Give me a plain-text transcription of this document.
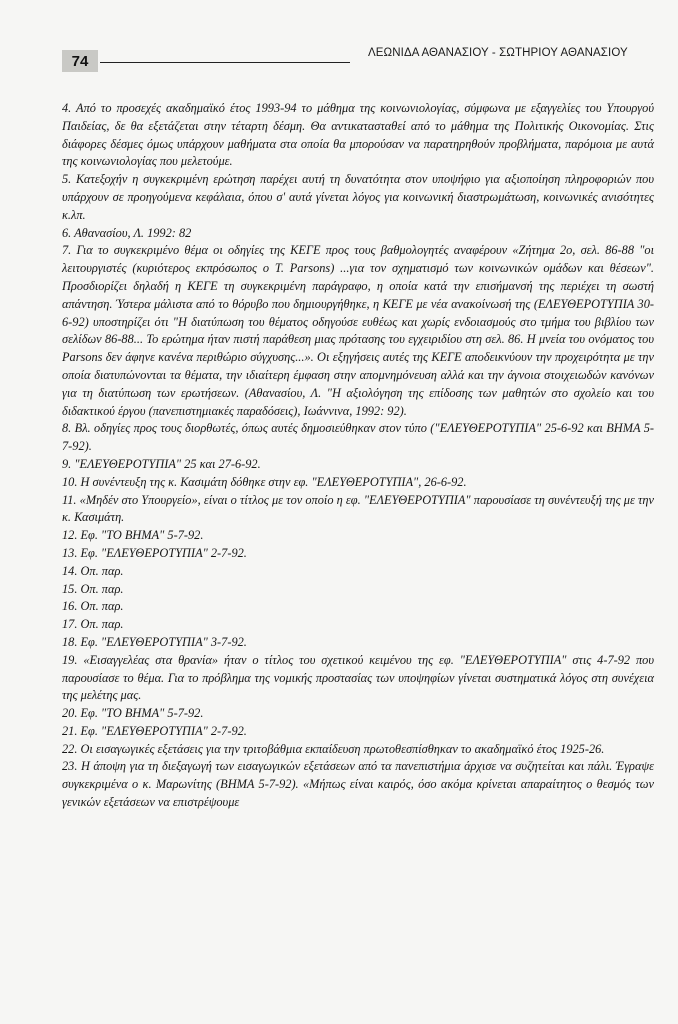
74	ΛΕΩΝΙΔΑ ΑΘΑΝΑΣΙΟΥ - ΣΩΤΗΡΙΟΥ ΑΘΑΝΑΣΙΟΥ

4. Από το προσεχές ακαδημαϊκό έτος 1993-94 το μάθημα της κοινωνιολογίας, σύμφωνα με εξαγγελίες του Υπουργού Παιδείας, δε θα εξετάζεται στην τέταρτη δέσμη. Θα αντικατασταθεί από το μάθημα της Πολιτικής Οικονομίας. Στις διάφορες δέσμες όμως υπάρχουν μαθήματα στα οποία θα μπορούσαν να παρατηρηθούν προβλήματα, παρόμοια με αυτά της κοινωνιολογίας που μελετούμε.

5. Κατεξοχήν η συγκεκριμένη ερώτηση παρέχει αυτή τη δυνατότητα στον υποψήφιο για αξιοποίηση πληροφοριών που υπάρχουν σε προηγούμενα κεφάλαια, όπου σ' αυτά γίνεται λόγος για κοινωνική διαστρωμάτωση, κοινωνικές ανισότητες κ.λπ.

6. Αθανασίου, Λ. 1992: 82

7. Για το συγκεκριμένο θέμα οι οδηγίες της ΚΕΓΕ προς τους βαθμολογητές αναφέρουν «Ζήτημα 2ο, σελ. 86-88 "οι λειτουργιστές (κυριότερος εκπρόσωπος ο T. Parsons) ...για τον σχηματισμό των κοινωνικών ομάδων και θέσεων". Προσδιορίζει δηλαδή η ΚΕΓΕ τη συγκεκριμένη παράγραφο, η οποία κατά την επισήμανσή της περιέχει τη σωστή απάντηση. Ύστερα μάλιστα από το θόρυβο που δημιουργήθηκε, η ΚΕΓΕ με νέα ανακοίνωσή της (ΕΛΕΥΘΕΡΟΤΥΠΙΑ 30-6-92) υποστηρίζει ότι "Η διατύπωση του θέματος οδηγούσε ευθέως και χωρίς ενδοιασμούς στο τμήμα του βιβλίου των σελίδων 86-88... Το ερώτημα ήταν πιστή παράθεση μιας πρότασης του εγχειριδίου στη σελ. 86. Η μνεία του ονόματος του Parsons δεν άφηνε κανένα περιθώριο σύγχυσης...». Οι εξηγήσεις αυτές της ΚΕΓΕ αποδεικνύουν την προχειρότητα με την οποία διατυπώνονται τα θέματα, την ιδιαίτερη έμφαση στην απομνημόνευση αλλά και την άγνοια στοιχειωδών κανόνων για τη διατύπωση των ερωτήσεων. (Αθανασίου, Λ. "Η αξιολόγηση της επίδοσης των μαθητών στο σχολείο και του διδακτικού έργου (πανεπιστημιακές παραδόσεις), Ιωάννινα, 1992: 92).

8. Βλ. οδηγίες προς τους διορθωτές, όπως αυτές δημοσιεύθηκαν στον τύπο ("ΕΛΕΥΘΕΡΟΤΥΠΙΑ" 25-6-92 και ΒΗΜΑ 5-7-92).

9. "ΕΛΕΥΘΕΡΟΤΥΠΙΑ" 25 και 27-6-92.

10. Η συνέντευξη της κ. Κασιμάτη δόθηκε στην εφ. "ΕΛΕΥΘΕΡΟΤΥΠΙΑ", 26-6-92.

11. «Μηδέν στο Υπουργείο», είναι ο τίτλος με τον οποίο η εφ. "ΕΛΕΥΘΕΡΟΤΥΠΙΑ" παρουσίασε τη συνέντευξή της με την κ. Κασιμάτη.

12. Εφ. "ΤΟ ΒΗΜΑ" 5-7-92.

13. Εφ. "ΕΛΕΥΘΕΡΟΤΥΠΙΑ" 2-7-92.

14. Οπ. παρ.

15. Οπ. παρ.

16. Οπ. παρ.

17. Οπ. παρ.

18. Εφ. "ΕΛΕΥΘΕΡΟΤΥΠΙΑ" 3-7-92.

19. «Εισαγγελέας στα θρανία» ήταν ο τίτλος του σχετικού κειμένου της εφ. "ΕΛΕΥΘΕΡΟΤΥΠΙΑ" στις 4-7-92 που παρουσίασε το θέμα. Για το πρόβλημα της νομικής προστασίας των υποψηφίων γίνεται συστηματικά λόγος στη συνέχεια της μελέτης μας.

20. Εφ. "ΤΟ ΒΗΜΑ" 5-7-92.

21. Εφ. "ΕΛΕΥΘΕΡΟΤΥΠΙΑ" 2-7-92.

22. Οι εισαγωγικές εξετάσεις για την τριτοβάθμια εκπαίδευση πρωτοθεσπίσθηκαν το ακαδημαϊκό έτος 1925-26.

23. Η άποψη για τη διεξαγωγή των εισαγωγικών εξετάσεων από τα πανεπιστήμια άρχισε να συζητείται και πάλι. Έγραψε συγκεκριμένα ο κ. Μαρωνίτης (ΒΗΜΑ 5-7-92). «Μήπως είναι καιρός, όσο ακόμα κρίνεται απαραίτητος ο θεσμός των γενικών εξετάσεων να επιστρέψουμε
